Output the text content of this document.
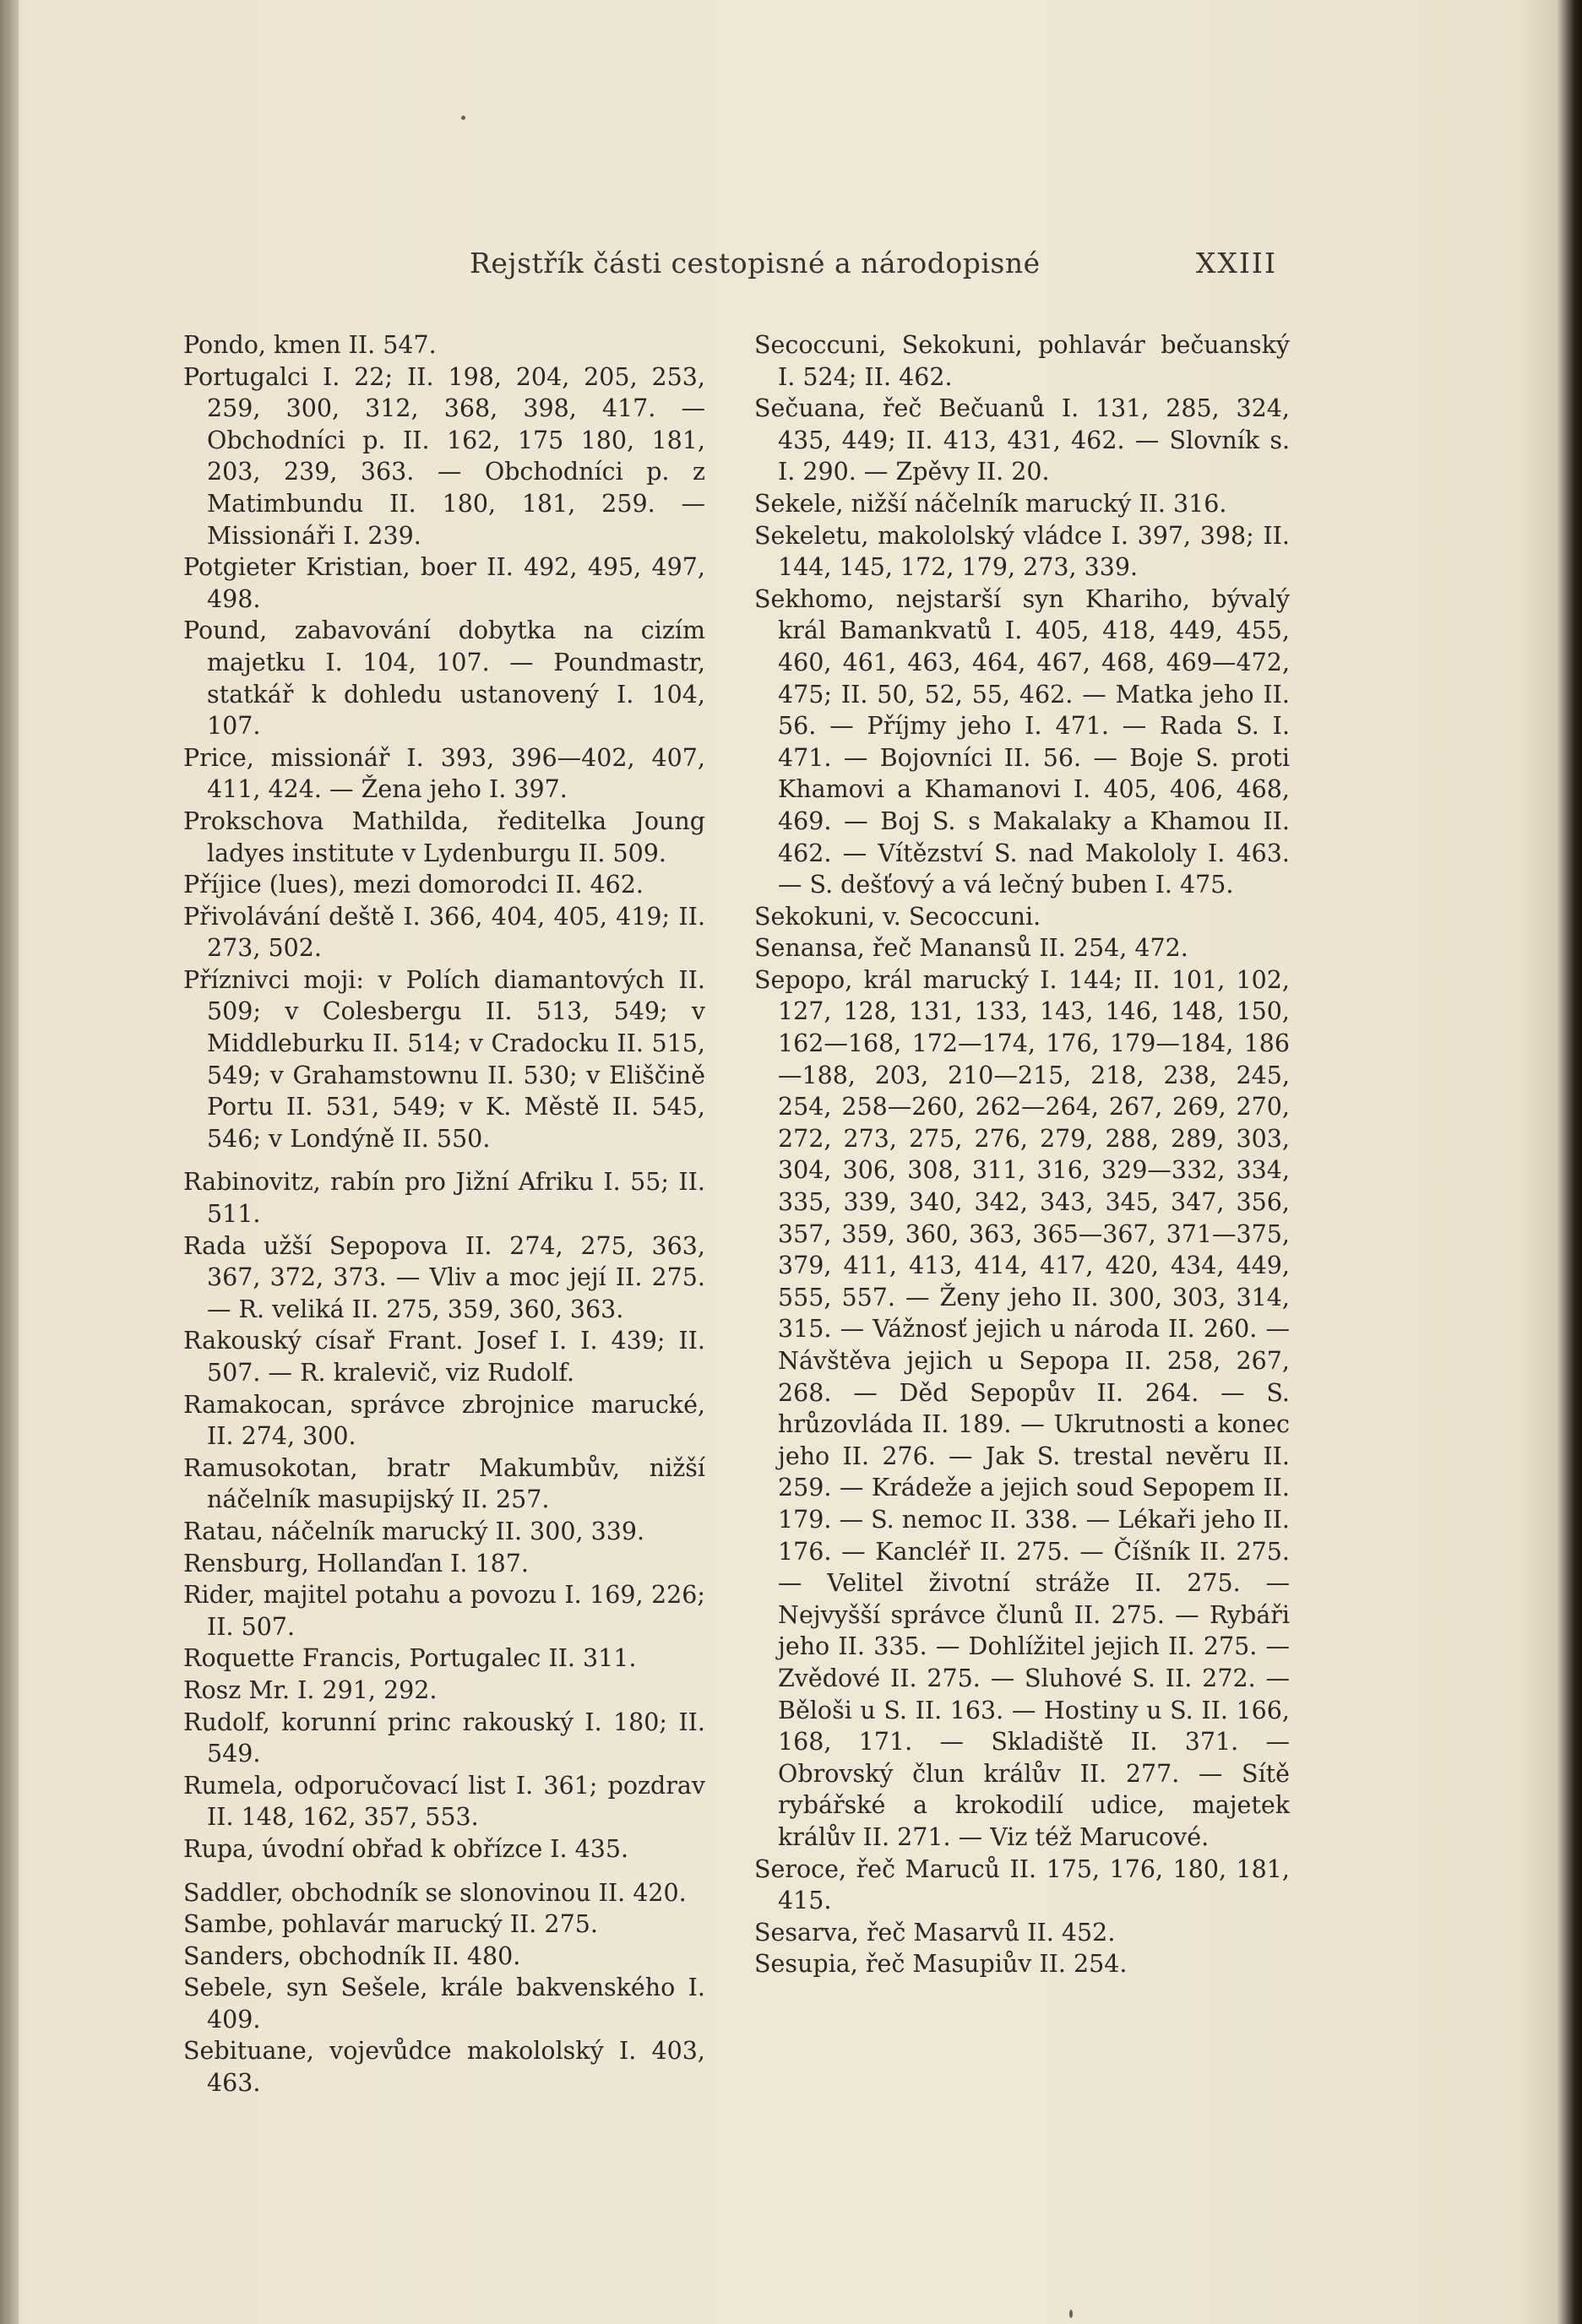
Rejstřík části cestopisné a národopisné	XXIII
Pondo, kmen II. 547.
Portugalci I. 22; II. 198, 204, 205, 253, 259, 300, 312, 368, 398, 417. — Obchodníci p. II. 162, 175 180, 181, 203, 239, 363. — Obchodníci p. z Matimbundu II. 180, 181, 259. — Missionáři I. 239.
Potgieter Kristian, boer II. 492, 495, 497, 498.
Pound, zabavování dobytka na cizím majetku I. 104, 107. — Poundmastr, statkář k dohledu ustanovený I. 104, 107.
Price, missionář I. 393, 396—402, 407, 411, 424. — Žena jeho I. 397.
Prokschova Mathilda, ředitelka Joung ladyes institute v Lydenburgu II. 509.
Příjice (lues), mezi domorodci II. 462.
Přivolávání deště I. 366, 404, 405, 419; II. 273, 502.
Příznivci moji: v Polích diamantových II. 509; v Colesbergu II. 513, 549; v Middleburku II. 514; v Cradocku II. 515, 549; v Grahamstownu II. 530; v Eliščině Portu II. 531, 549; v K. Městě II. 545, 546; v Londýně II. 550.
Rabinovitz, rabín pro Jižní Afriku I. 55; II. 511.
Rada užší Sepopova II. 274, 275, 363, 367, 372, 373. — Vliv a moc její II. 275. — R. veliká II. 275, 359, 360, 363.
Rakouský císař Frant. Josef I. I. 439; II. 507. — R. kralevič, viz Rudolf.
Ramakocan, správce zbrojnice marucké, II. 274, 300.
Ramusokotan, bratr Makumbův, nižší náčelník masupijský II. 257.
Ratau, náčelník marucký II. 300, 339.
Rensburg, Hollanďan I. 187.
Rider, majitel potahu a povozu I. 169, 226; II. 507.
Roquette Francis, Portugalec II. 311.
Rosz Mr. I. 291, 292.
Rudolf, korunní princ rakouský I. 180; II. 549.
Rumela, odporučovací list I. 361; pozdrav II. 148, 162, 357, 553.
Rupa, úvodní obřad k obřízce I. 435.
Saddler, obchodník se slonovinou II. 420.
Sambe, pohlavár marucký II. 275.
Sanders, obchodník II. 480.
Sebele, syn Sešele, krále bakvenského I. 409.
Sebituane, vojevůdce makololský I. 403, 463.
Secoccuni, Sekokuni, pohlavár bečuanský I. 524; II. 462.
Sečuana, řeč Bečuanů I. 131, 285, 324, 435, 449; II. 413, 431, 462. — Slovník s. I. 290. — Zpěvy II. 20.
Sekele, nižší náčelník marucký II. 316.
Sekeletu, makololský vládce I. 397, 398; II. 144, 145, 172, 179, 273, 339.
Sekhomo, nejstarší syn Khariho, bývalý král Bamankvatů I. 405, 418, 449, 455, 460, 461, 463, 464, 467, 468, 469—472, 475; II. 50, 52, 55, 462. — Matka jeho II. 56. — Příjmy jeho I. 471. — Rada S. I. 471. — Bojovníci II. 56. — Boje S. proti Khamovi a Khamanovi I. 405, 406, 468, 469. — Boj S. s Makalaky a Khamou II. 462. — Vítězství S. nad Makololy I. 463. — S. dešťový a vá lečný buben I. 475.
Sekokuni, v. Secoccuni.
Senansa, řeč Manansů II. 254, 472.
Sepopo, král marucký I. 144; II. 101, 102, 127, 128, 131, 133, 143, 146, 148, 150, 162—168, 172—174, 176, 179—184, 186—188, 203, 210—215, 218, 238, 245, 254, 258—260, 262—264, 267, 269, 270, 272, 273, 275, 276, 279, 288, 289, 303, 304, 306, 308, 311, 316, 329—332, 334, 335, 339, 340, 342, 343, 345, 347, 356, 357, 359, 360, 363, 365—367, 371—375, 379, 411, 413, 414, 417, 420, 434, 449, 555, 557. — Ženy jeho II. 300, 303, 314, 315. — Vážnosť jejich u národa II. 260. — Návštěva jejich u Sepopa II. 258, 267, 268. — Děd Sepopův II. 264. — S. hrůzovláda II. 189. — Ukrutnosti a konec jeho II. 276. — Jak S. trestal nevěru II. 259. — Krádeže a jejich soud Sepopem II. 179. — S. nemoc II. 338. — Lékaři jeho II. 176. — Kancléř II. 275. — Číšník II. 275. — Velitel životní stráže II. 275. — Nejvyšší správce člunů II. 275. — Rybáři jeho II. 335. — Dohlížitel jejich II. 275. — Zvědové II. 275. — Sluhové S. II. 272. — Běloši u S. II. 163. — Hostiny u S. II. 166, 168, 171. — Skladiště II. 371. — Obrovský člun králův II. 277. — Sítě rybářské a krokodilí udice, majetek králův II. 271. — Viz též Marucové.
Seroce, řeč Maruců II. 175, 176, 180, 181, 415.
Sesarva, řeč Masarvů II. 452.
Sesupia, řeč Masupiův II. 254.
